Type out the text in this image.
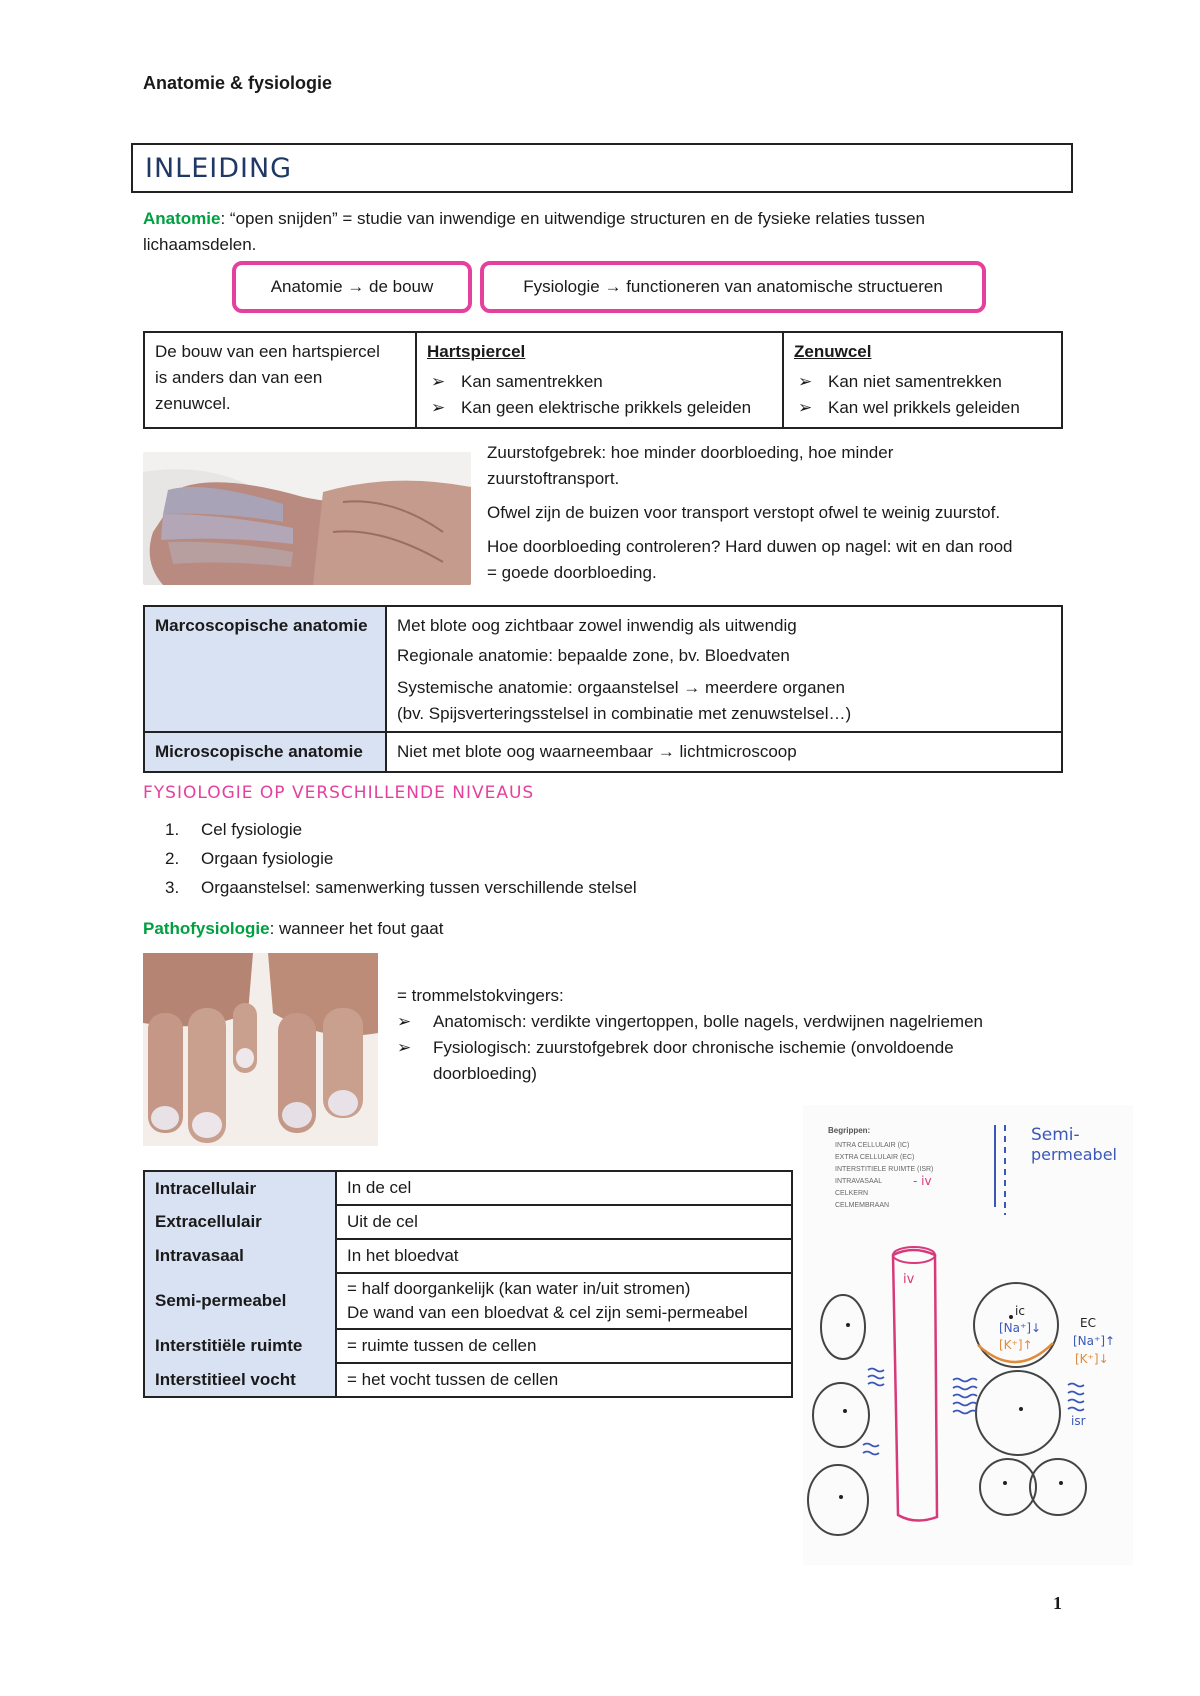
Anatomie & fysiologie
INLEIDING
Anatomie: “open snijden” = studie van inwendige en uitwendige structuren en de fysieke relaties tussen
lichaamsdelen.
Anatomie → de bouw	Fysiologie → functioneren van anatomische structueren
De bouw van een hartspiercel
is anders dan van een
zenuwcel.

Hartspiercel
➢ Kan samentrekken
➢ Kan geen elektrische prikkels geleiden

Zenuwcel
➢ Kan niet samentrekken
➢ Kan wel prikkels geleiden
Zuurstofgebrek: hoe minder doorbloeding, hoe minder
zuurstoftransport.
Ofwel zijn de buizen voor transport verstopt ofwel te weinig zuurstof.
Hoe doorbloeding controleren? Hard duwen op nagel: wit en dan rood
= goede doorbloeding.
Marcoscopische anatomie	Met blote oog zichtbaar zowel inwendig als uitwendig
Regionale anatomie: bepaalde zone, bv. Bloedvaten
Systemische anatomie: orgaanstelsel → meerdere organen
(bv. Spijsverteringsstelsel in combinatie met zenuwstelsel…)

Microscopische anatomie	Niet met blote oog waarneembaar → lichtmicroscoop
FYSIOLOGIE OP VERSCHILLENDE NIVEAUS
1. Cel fysiologie
2. Orgaan fysiologie
3. Orgaanstelsel: samenwerking tussen verschillende stelsel
Pathofysiologie: wanneer het fout gaat
= trommelstokvingers:
➢ Anatomisch: verdikte vingertoppen, bolle nagels, verdwijnen nagelriemen
➢ Fysiologisch: zuurstofgebrek door chronische ischemie (onvoldoende
doorbloeding)
Intracellulair	In de cel
Extracellulair	Uit de cel
Intravasaal	In het bloedvat
Semi-permeabel	= half doorgankelijk (kan water in/uit stromen)
De wand van een bloedvat & cel zijn semi-permeabel

Interstitiële ruimte	= ruimte tussen de cellen
Interstitieel vocht	= het vocht tussen de cellen
Begrippen:
INTRA CELLULAIR (IC)
EXTRA CELLULAIR (EC)
INTERSTITIELE RUIMTE (ISR)
INTRAVASAAL
CELKERN
CELMEMBRAAN
- iv
Semi-
permeabel
iv
ic
[Na⁺]↓
[K⁺]↑
EC
[Na⁺]↑
[K⁺]↓
isr
1
